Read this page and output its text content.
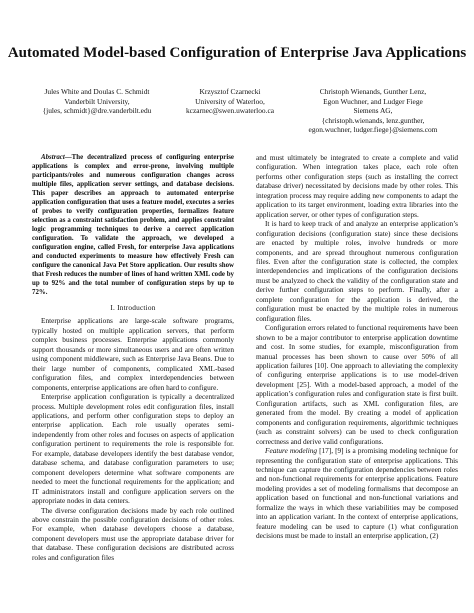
Automated Model-based Configuration of Enterprise Java Applications
Jules White and Doulas C. Schmidt
Vanderbilt University,
{jules, schmidt}@dre.vanderbilt.edu
Krzysztof Czarnecki
University of Waterloo,
kczarnec@swen.uwaterloo.ca
Christoph Wienands, Gunther Lenz,
Egon Wuchner, and Ludger Fiege
Siemens AG,
{christoph.wienands, lenz.gunther,
egon.wuchner, ludger.fiege}@siemens.com

Abstract—The decentralized process of configuring enterprise applications is complex and error-prone, involving multiple participants/roles and numerous configuration changes across multiple files, application server settings, and database decisions. This paper describes an approach to automated enterprise application configuration that uses a feature model, executes a series of probes to verify configuration properties, formalizes feature selection as a constraint satisfaction problem, and applies constraint logic programming techniques to derive a correct application configuration. To validate the approach, we developed a configuration engine, called Fresh, for enterprise Java applications and conducted experiments to measure how effectively Fresh can configure the canonical Java Pet Store application. Our results show that Fresh reduces the number of lines of hand written XML code by up to 92% and the total number of configuration steps by up to 72%.

I. Introduction

Enterprise applications are large-scale software programs, typically hosted on multiple application servers, that perform complex business processes. Enterprise applications commonly support thousands or more simultaneous users and are often written using component middleware, such as Enterprise Java Beans. Due to their large number of components, complicated XML-based configuration files, and complex interdependencies between components, enterprise applications are often hard to configure.

Enterprise application configuration is typically a decentralized process. Multiple development roles edit configuration files, install applications, and perform other configuration steps to deploy an enterprise application. Each role usually operates semi-independently from other roles and focuses on aspects of application configuration pertinent to requirements the role is responsible for. For example, database developers identify the best database vendor, database schema, and database configuration parameters to use; component developers determine what software components are needed to meet the functional requirements for the application; and IT administrators install and configure application servers on the appropriate nodes in data centers.

The diverse configuration decisions made by each role outlined above constrain the possible configuration decisions of other roles. For example, when database developers choose a database, component developers must use the appropriate database driver for that database. These configuration decisions are distributed across roles and configuration files

and must ultimately be integrated to create a complete and valid configuration. When integration takes place, each role often performs other configuration steps (such as installing the correct database driver) necessitated by decisions made by other roles. This integration process may require adding new components to adapt the application to its target environment, loading extra libraries into the application server, or other types of configuration steps.

It is hard to keep track of and analyze an enterprise application’s configuration decisions (configuration state) since these decisions are enacted by multiple roles, involve hundreds or more components, and are spread throughout numerous configuration files. Even after the configuration state is collected, the complex interdependencies and implications of the configuration decisions must be analyzed to check the validity of the configuration state and derive further configuration steps to perform. Finally, after a complete configuration for the application is derived, the configuration must be enacted by the multiple roles in numerous configuration files.

Configuration errors related to functional requirements have been shown to be a major contributor to enterprise application downtime and cost. In some studies, for example, misconfiguration from manual processes has been shown to cause over 50% of all application failures [10]. One approach to alleviating the complexity of configuring enterprise applications is to use model-driven development [25]. With a model-based approach, a model of the application’s configuration rules and configuration state is first built. Configuration artifacts, such as XML configuration files, are generated from the model. By creating a model of application components and configuration requirements, algorithmic techniques (such as constraint solvers) can be used to check configuration correctness and derive valid configurations.

Feature modeling [17], [9] is a promising modeling technique for representing the configuration state of enterprise applications. This technique can capture the configuration dependencies between roles and non-functional requirements for enterprise applications. Feature modeling provides a set of modeling formalisms that decompose an application based on functional and non-functional variations and formalize the ways in which these variabilities may be composed into an application variant. In the context of enterprise applications, feature modeling can be used to capture (1) what configuration decisions must be made to install an enterprise application, (2)
